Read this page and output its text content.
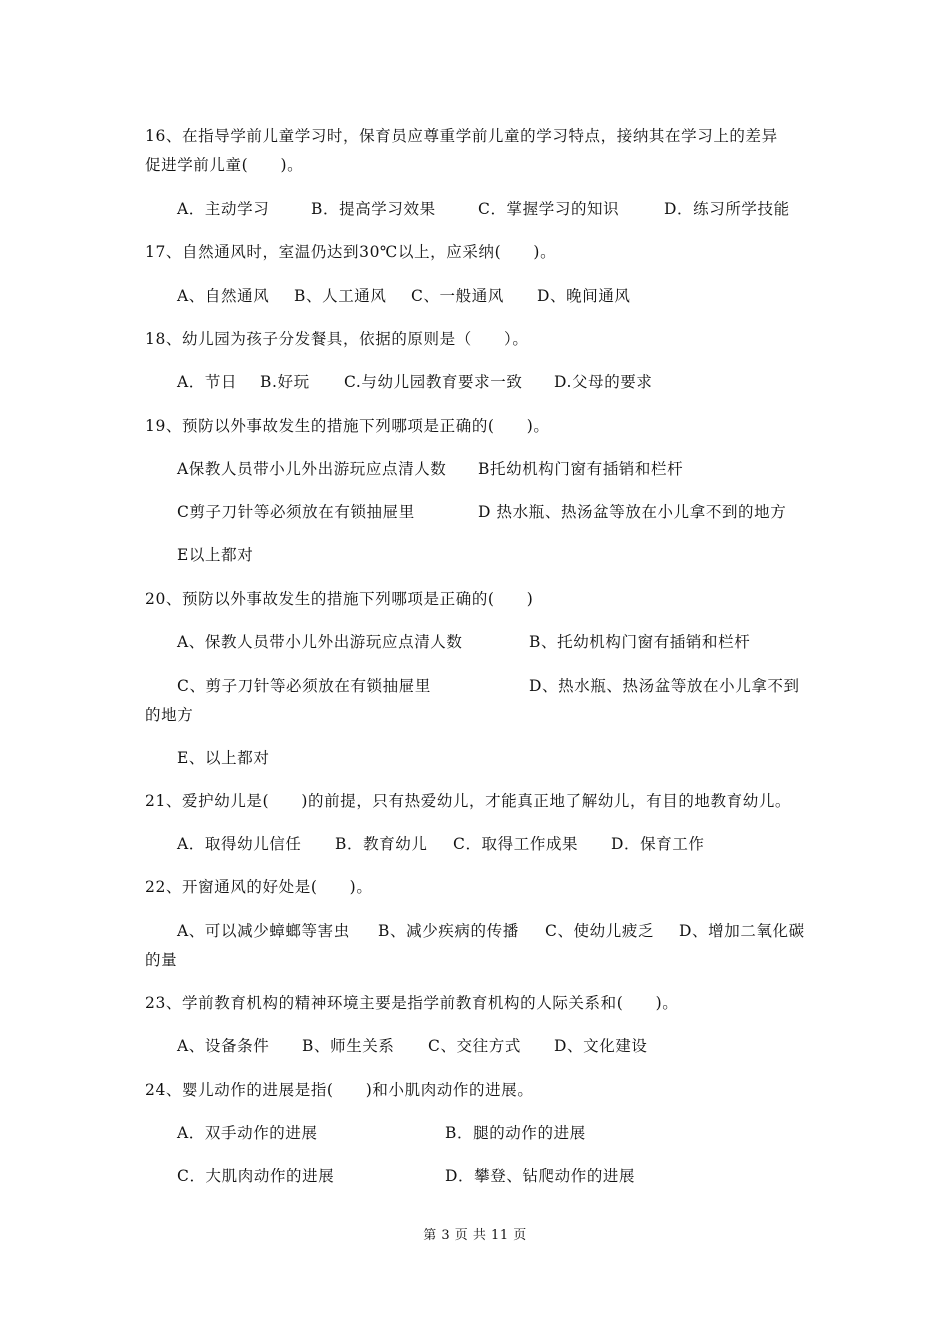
16、在指导学前儿童学习时，保育员应尊重学前儿童的学习特点，接纳其在学习上的差异
促进学前儿童(　　)。
A．主动学习	B．提高学习效果	C．掌握学习的知识	D．练习所学技能
17、自然通风时，室温仍达到30℃以上，应采纳(　　)。
A、自然通风 B、人工通风 C、一般通风 D、晚间通风
18、幼儿园为孩子分发餐具，依据的原则是（　　）。
A．节日 B.好玩 C.与幼儿园教育要求一致 D.父母的要求
19、预防以外事故发生的措施下列哪项是正确的(　　)。
A保教人员带小儿外出游玩应点清人数 B托幼机构门窗有插销和栏杆
C剪子刀针等必须放在有锁抽屉里	D 热水瓶、热汤盆等放在小儿拿不到的地方
E以上都对
20、预防以外事故发生的措施下列哪项是正确的(　　)
A、保教人员带小儿外出游玩应点清人数	B、托幼机构门窗有插销和栏杆
C、剪子刀针等必须放在有锁抽屉里	D、热水瓶、热汤盆等放在小儿拿不到
的地方
E、以上都对
21、爱护幼儿是(　　)的前提，只有热爱幼儿，才能真正地了解幼儿，有目的地教育幼儿。
A．取得幼儿信任 B．教育幼儿 C．取得工作成果 D．保育工作
22、开窗通风的好处是(　　)。
A、可以减少蟑螂等害虫 B、减少疾病的传播 C、使幼儿疲乏 D、增加二氧化碳
的量
23、学前教育机构的精神环境主要是指学前教育机构的人际关系和(　　)。
A、设备条件 B、师生关系 C、交往方式 D、文化建设
24、婴儿动作的进展是指(　　)和小肌肉动作的进展。
A．双手动作的进展	B．腿的动作的进展
C．大肌肉动作的进展	D．攀登、钻爬动作的进展
第 3 页 共 11 页
